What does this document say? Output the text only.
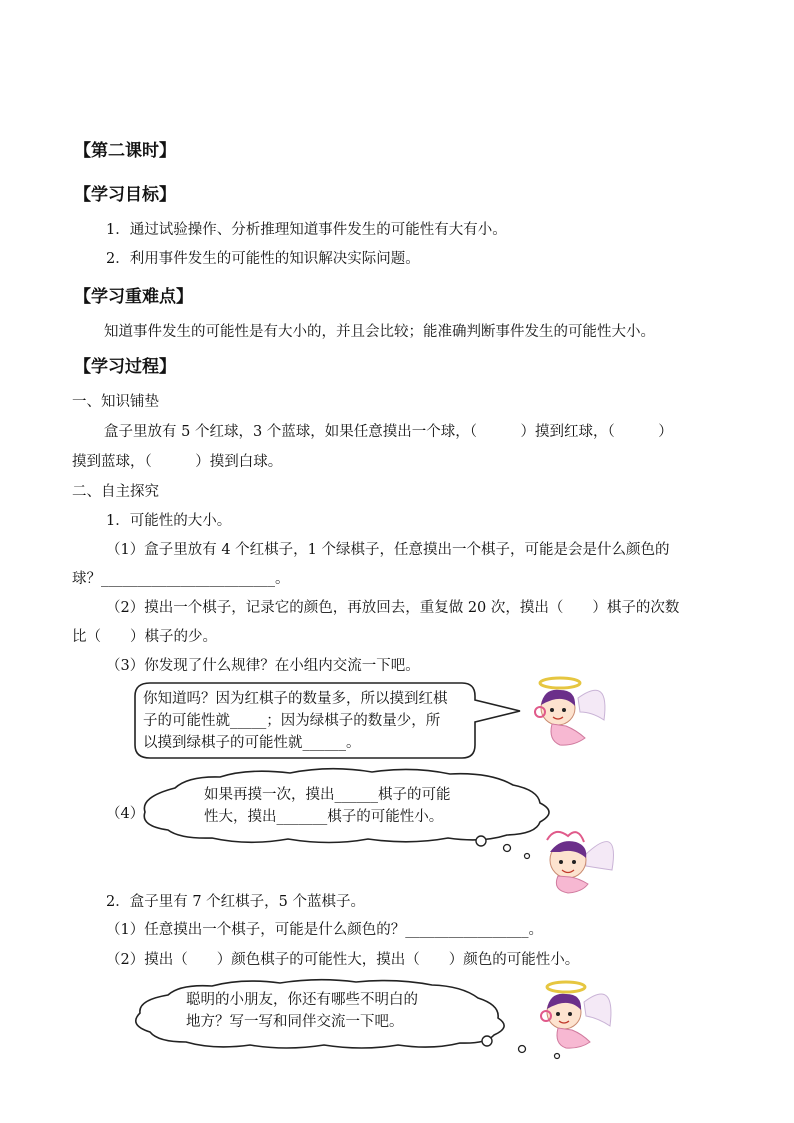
【第二课时】
【学习目标】
1．通过试验操作、分析推理知道事件发生的可能性有大有小。
2．利用事件发生的可能性的知识解决实际问题。
【学习重难点】
知道事件发生的可能性是有大小的，并且会比较；能准确判断事件发生的可能性大小。
【学习过程】
一、知识铺垫
盒子里放有 5 个红球，3 个蓝球，如果任意摸出一个球，（　　　）摸到红球，（　　　）
摸到蓝球，（　　　）摸到白球。
二、自主探究
1．可能性的大小。
（1）盒子里放有 4 个红棋子，1 个绿棋子，任意摸出一个棋子，可能是会是什么颜色的
球？________________________。
（2）摸出一个棋子，记录它的颜色，再放回去，重复做 20 次，摸出（　　）棋子的次数
比（　　）棋子的少。
（3）你发现了什么规律？在小组内交流一下吧。
你知道吗？因为红棋子的数量多，所以摸到红棋
子的可能性就_____；因为绿棋子的数量少，所
以摸到绿棋子的可能性就______。
（4）
如果再摸一次，摸出______棋子的可能
性大，摸出_______棋子的可能性小。
2．盒子里有 7 个红棋子，5 个蓝棋子。
（1）任意摸出一个棋子，可能是什么颜色的？_________________。
（2）摸出（　　）颜色棋子的可能性大，摸出（　　）颜色的可能性小。
聪明的小朋友，你还有哪些不明白的
地方？写一写和同伴交流一下吧。
